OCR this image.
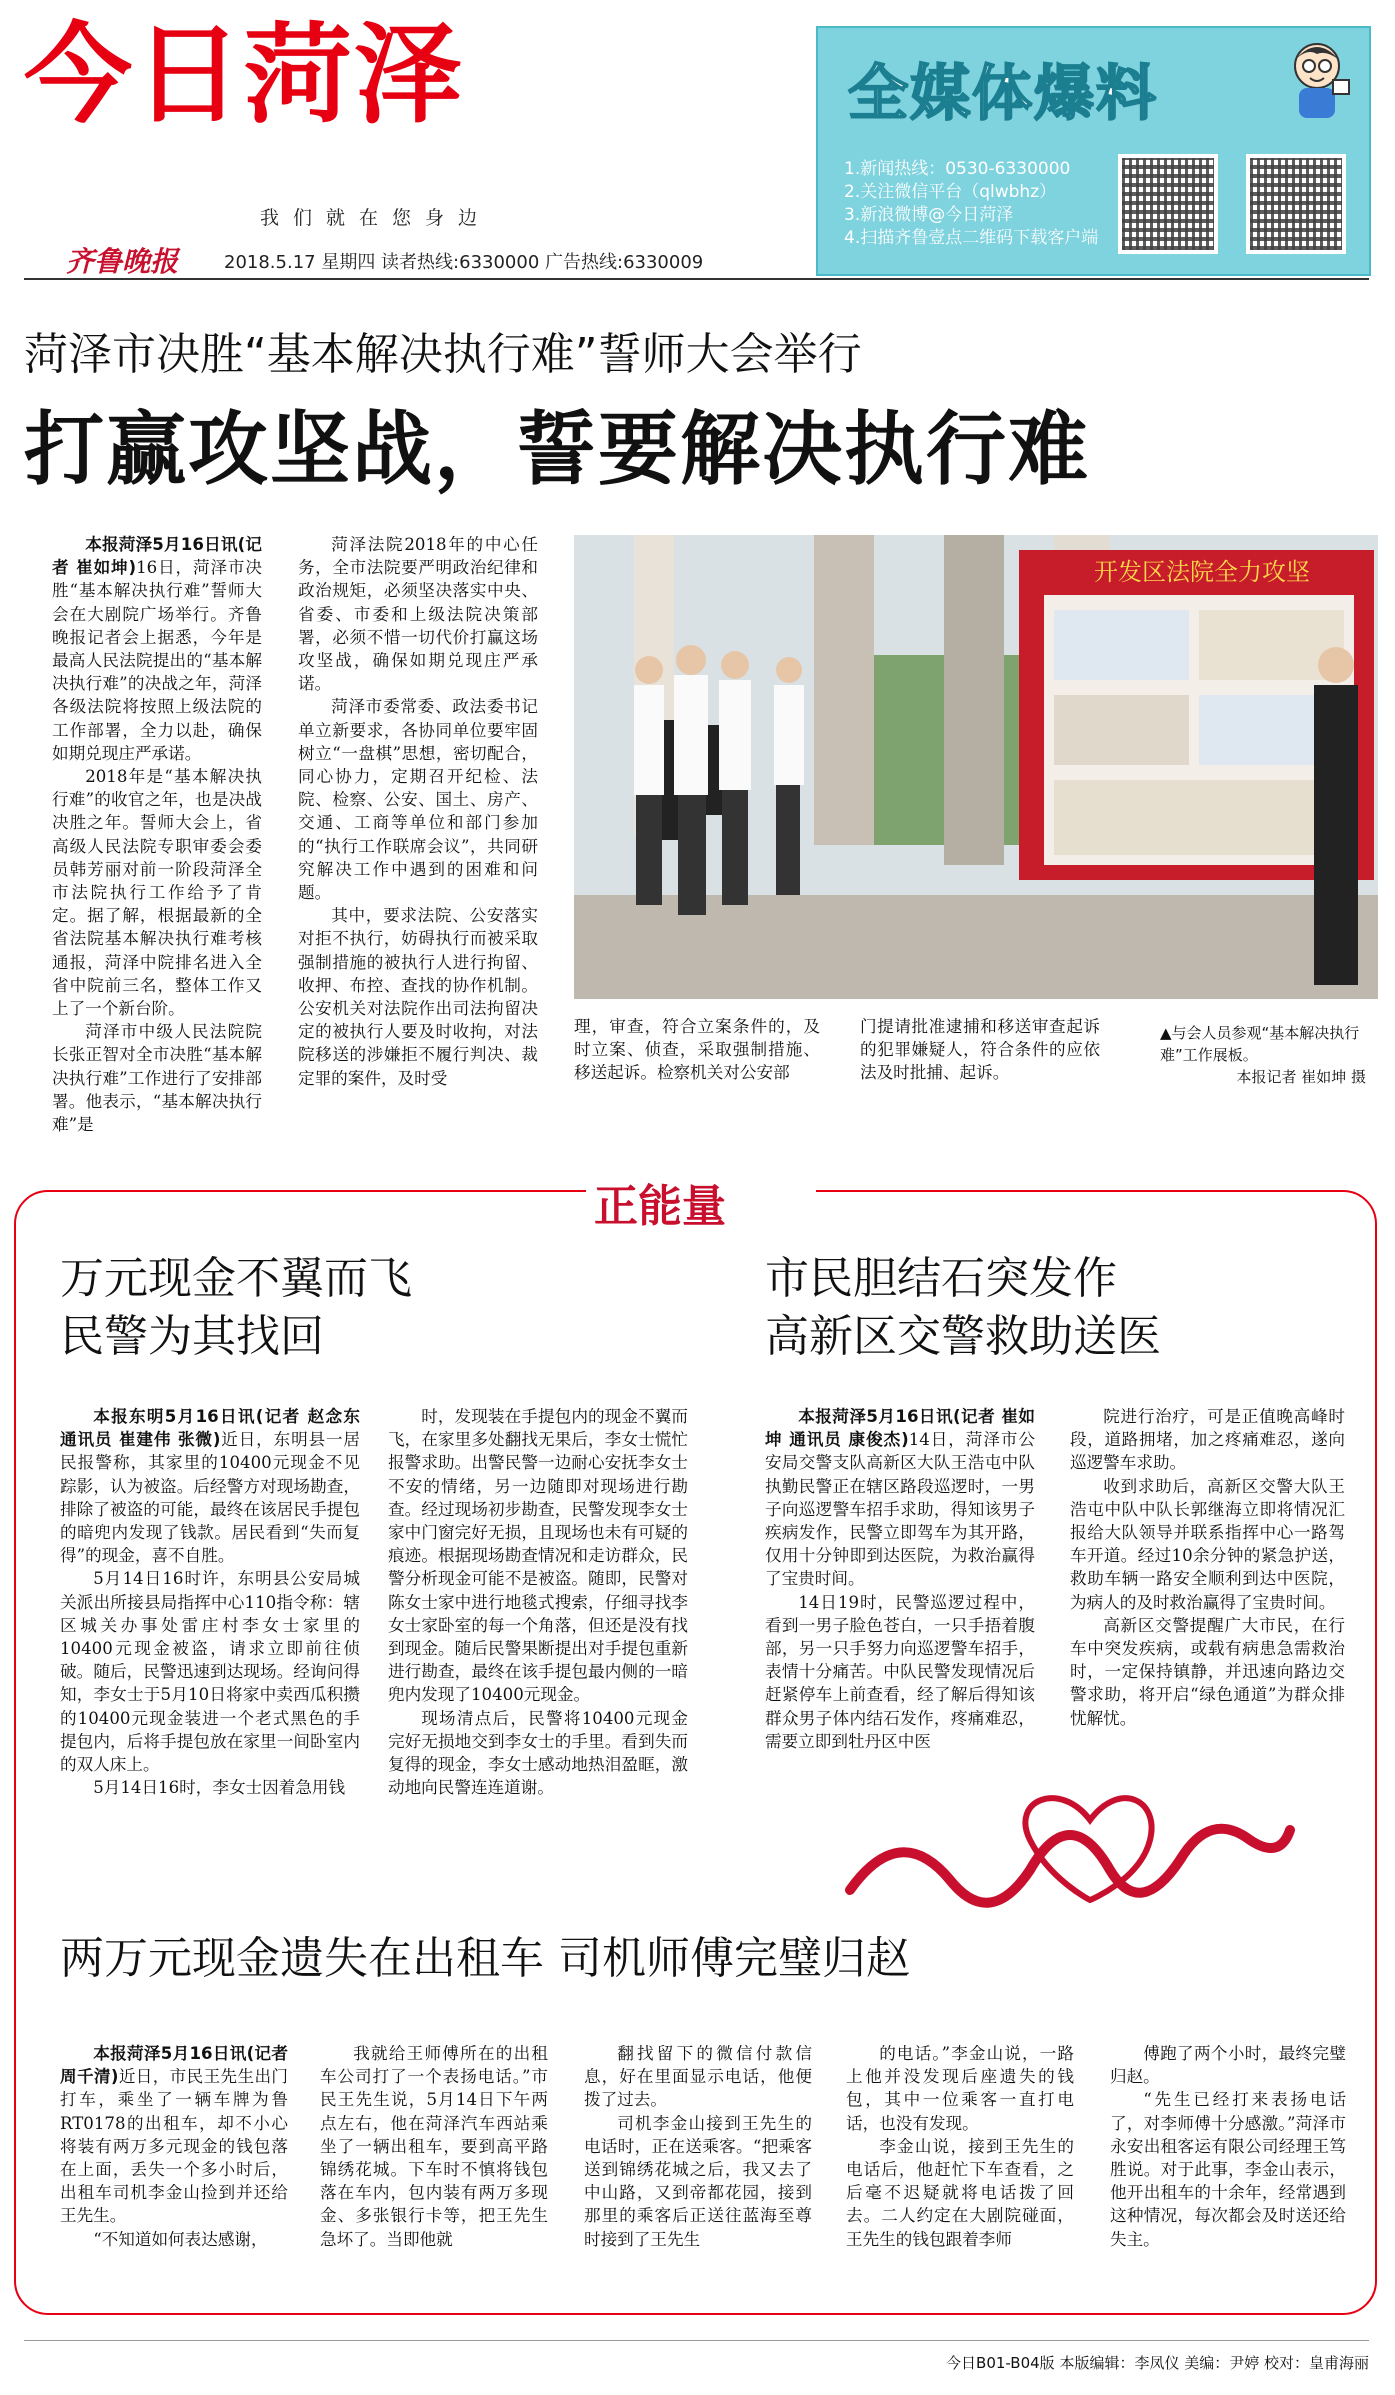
今日菏泽
我们就在您身边
齐鲁晚报	2018.5.17 星期四 读者热线:6330000 广告热线:6330009
全媒体爆料
1.新闻热线：0530-6330000
2.关注微信平台（qlwbhz）
3.新浪微博@今日菏泽
4.扫描齐鲁壹点二维码下载客户端
菏泽市决胜“基本解决执行难”誓师大会举行
打赢攻坚战，誓要解决执行难

本报菏泽5月16日讯(记者 崔如坤)16日，菏泽市决胜“基本解决执行难”誓师大会在大剧院广场举行。齐鲁晚报记者会上据悉，今年是最高人民法院提出的“基本解决执行难”的决战之年，菏泽各级法院将按照上级法院的工作部署，全力以赴，确保如期兑现庄严承诺。

2018年是“基本解决执行难”的收官之年，也是决战决胜之年。誓师大会上，省高级人民法院专职审委会委员韩芳丽对前一阶段菏泽全市法院执行工作给予了肯定。据了解，根据最新的全省法院基本解决执行难考核通报，菏泽中院排名进入全省中院前三名，整体工作又上了一个新台阶。

菏泽市中级人民法院院长张正智对全市决胜“基本解决执行难”工作进行了安排部署。他表示，“基本解决执行难”是

菏泽法院2018年的中心任务，全市法院要严明政治纪律和政治规矩，必须坚决落实中央、省委、市委和上级法院决策部署，必须不惜一切代价打赢这场攻坚战，确保如期兑现庄严承诺。

菏泽市委常委、政法委书记单立新要求，各协同单位要牢固树立“一盘棋”思想，密切配合，同心协力，定期召开纪检、法院、检察、公安、国土、房产、交通、工商等单位和部门参加的“执行工作联席会议”，共同研究解决工作中遇到的困难和问题。

其中，要求法院、公安落实对拒不执行，妨碍执行而被采取强制措施的被执行人进行拘留、收押、布控、查找的协作机制。公安机关对法院作出司法拘留决定的被执行人要及时收拘，对法院移送的涉嫌拒不履行判决、裁定罪的案件，及时受

开发区法院全力攻坚
理，审查，符合立案条件的，及时立案、侦查，采取强制措施、移送起诉。检察机关对公安部
门提请批准逮捕和移送审查起诉的犯罪嫌疑人，符合条件的应依法及时批捕、起诉。
▲与会人员参观“基本解决执行难”工作展板。
本报记者 崔如坤 摄
正能量
万元现金不翼而飞
民警为其找回

本报东明5月16日讯(记者 赵念东 通讯员 崔建伟 张微)近日，东明县一居民报警称，其家里的10400元现金不见踪影，认为被盗。后经警方对现场勘查，排除了被盗的可能，最终在该居民手提包的暗兜内发现了钱款。居民看到“失而复得”的现金，喜不自胜。

5月14日16时许，东明县公安局城关派出所接县局指挥中心110指令称：辖区城关办事处雷庄村李女士家里的10400元现金被盗，请求立即前往侦破。随后，民警迅速到达现场。经询问得知，李女士于5月10日将家中卖西瓜积攒的10400元现金装进一个老式黑色的手提包内，后将手提包放在家里一间卧室内的双人床上。

5月14日16时，李女士因着急用钱

时，发现装在手提包内的现金不翼而飞，在家里多处翻找无果后，李女士慌忙报警求助。出警民警一边耐心安抚李女士不安的情绪，另一边随即对现场进行勘查。经过现场初步勘查，民警发现李女士家中门窗完好无损，且现场也未有可疑的痕迹。根据现场勘查情况和走访群众，民警分析现金可能不是被盗。随即，民警对陈女士家中进行地毯式搜索，仔细寻找李女士家卧室的每一个角落，但还是没有找到现金。随后民警果断提出对手提包重新进行勘查，最终在该手提包最内侧的一暗兜内发现了10400元现金。

现场清点后，民警将10400元现金完好无损地交到李女士的手里。看到失而复得的现金，李女士感动地热泪盈眶，激动地向民警连连道谢。

市民胆结石突发作
高新区交警救助送医

本报菏泽5月16日讯(记者 崔如坤 通讯员 康俊杰)14日，菏泽市公安局交警支队高新区大队王浩屯中队执勤民警正在辖区路段巡逻时，一男子向巡逻警车招手求助，得知该男子疾病发作，民警立即驾车为其开路，仅用十分钟即到达医院，为救治赢得了宝贵时间。

14日19时，民警巡逻过程中，看到一男子脸色苍白，一只手捂着腹部，另一只手努力向巡逻警车招手，表情十分痛苦。中队民警发现情况后赶紧停车上前查看，经了解后得知该群众男子体内结石发作，疼痛难忍，需要立即到牡丹区中医

院进行治疗，可是正值晚高峰时段，道路拥堵，加之疼痛难忍，遂向巡逻警车求助。

收到求助后，高新区交警大队王浩屯中队中队长郭继海立即将情况汇报给大队领导并联系指挥中心一路驾车开道。经过10余分钟的紧急护送，救助车辆一路安全顺利到达中医院，为病人的及时救治赢得了宝贵时间。

高新区交警提醒广大市民，在行车中突发疾病，或载有病患急需救治时，一定保持镇静，并迅速向路边交警求助，将开启“绿色通道”为群众排忧解忧。

两万元现金遗失在出租车 司机师傅完璧归赵

本报菏泽5月16日讯(记者 周千清)近日，市民王先生出门打车，乘坐了一辆车牌为鲁RT0178的出租车，却不小心将装有两万多元现金的钱包落在上面，丢失一个多小时后，出租车司机李金山捡到并还给王先生。

“不知道如何表达感谢，

我就给王师傅所在的出租车公司打了一个表扬电话。”市民王先生说，5月14日下午两点左右，他在菏泽汽车西站乘坐了一辆出租车，要到高平路锦绣花城。下车时不慎将钱包落在车内，包内装有两万多现金、多张银行卡等，把王先生急坏了。当即他就

翻找留下的微信付款信息，好在里面显示电话，他便拨了过去。

司机李金山接到王先生的电话时，正在送乘客。“把乘客送到锦绣花城之后，我又去了中山路，又到帝都花园，接到那里的乘客后正送往蓝海至尊时接到了王先生

的电话。”李金山说，一路上他并没发现后座遗失的钱包，其中一位乘客一直打电话，也没有发现。

李金山说，接到王先生的电话后，他赶忙下车查看，之后毫不迟疑就将电话拨了回去。二人约定在大剧院碰面，王先生的钱包跟着李师

傅跑了两个小时，最终完璧归赵。

“先生已经打来表扬电话了，对李师傅十分感激。”菏泽市永安出租客运有限公司经理王笃胜说。对于此事，李金山表示，他开出租车的十余年，经常遇到这种情况，每次都会及时送还给失主。

今日B01-B04版 本版编辑：李凤仪 美编：尹婷 校对：皇甫海丽
